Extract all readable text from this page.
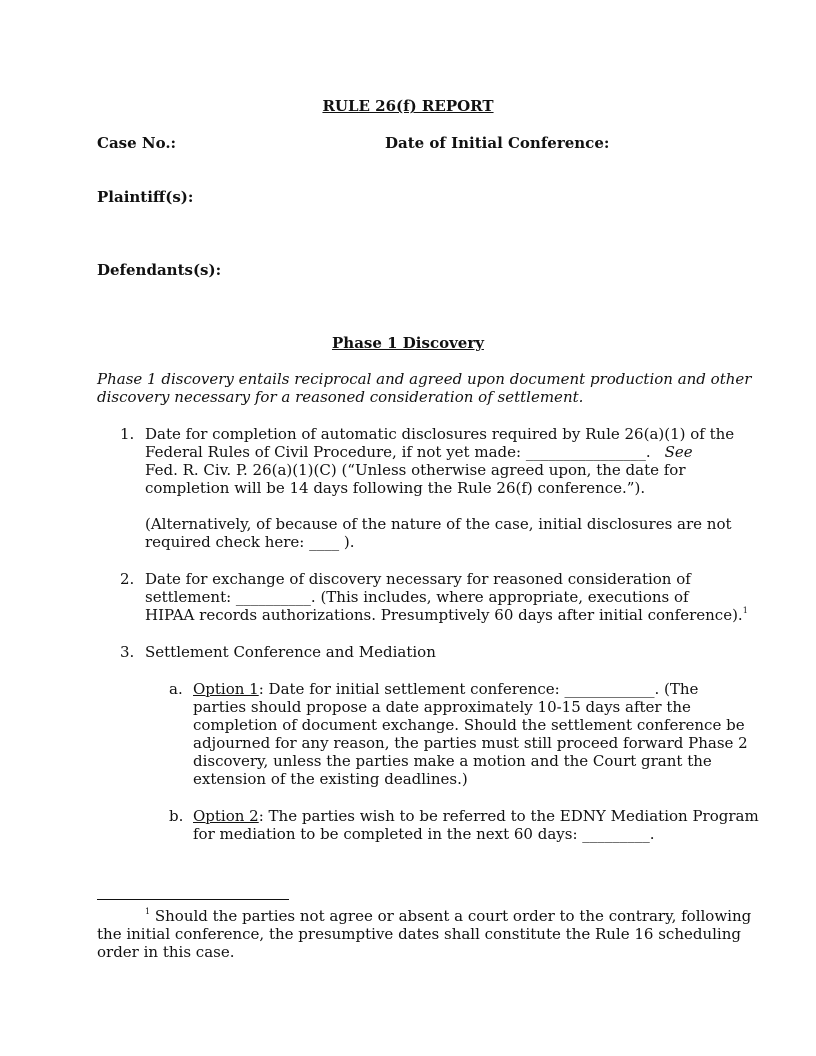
RULE 26(f) REPORT
Case No.:	Date of Initial Conference:
Plaintiff(s):
Defendants(s):
Phase 1 Discovery
Phase 1 discovery entails reciprocal and agreed upon document production and other
discovery necessary for a reasoned consideration of settlement.
1. Date for completion of automatic disclosures required by Rule 26(a)(1) of the
Federal Rules of Civil Procedure, if not yet made: ________________. See
Fed. R. Civ. P. 26(a)(1)(C) (“Unless otherwise agreed upon, the date for
completion will be 14 days following the Rule 26(f) conference.”).
(Alternatively, of because of the nature of the case, initial disclosures are not
required check here: ____ ).
2. Date for exchange of discovery necessary for reasoned consideration of
settlement: __________. (This includes, where appropriate, executions of
HIPAA records authorizations. Presumptively 60 days after initial conference).$^1$
3. Settlement Conference and Mediation
a. Option 1: Date for initial settlement conference: ____________. (The
parties should propose a date approximately 10-15 days after the
completion of document exchange. Should the settlement conference be
adjourned for any reason, the parties must still proceed forward Phase 2
discovery, unless the parties make a motion and the Court grant the
extension of the existing deadlines.)
b. Option 2: The parties wish to be referred to the EDNY Mediation Program
for mediation to be completed in the next 60 days: _________.
$^1$ Should the parties not agree or absent a court order to the contrary, following
the initial conference, the presumptive dates shall constitute the Rule 16 scheduling
order in this case.
